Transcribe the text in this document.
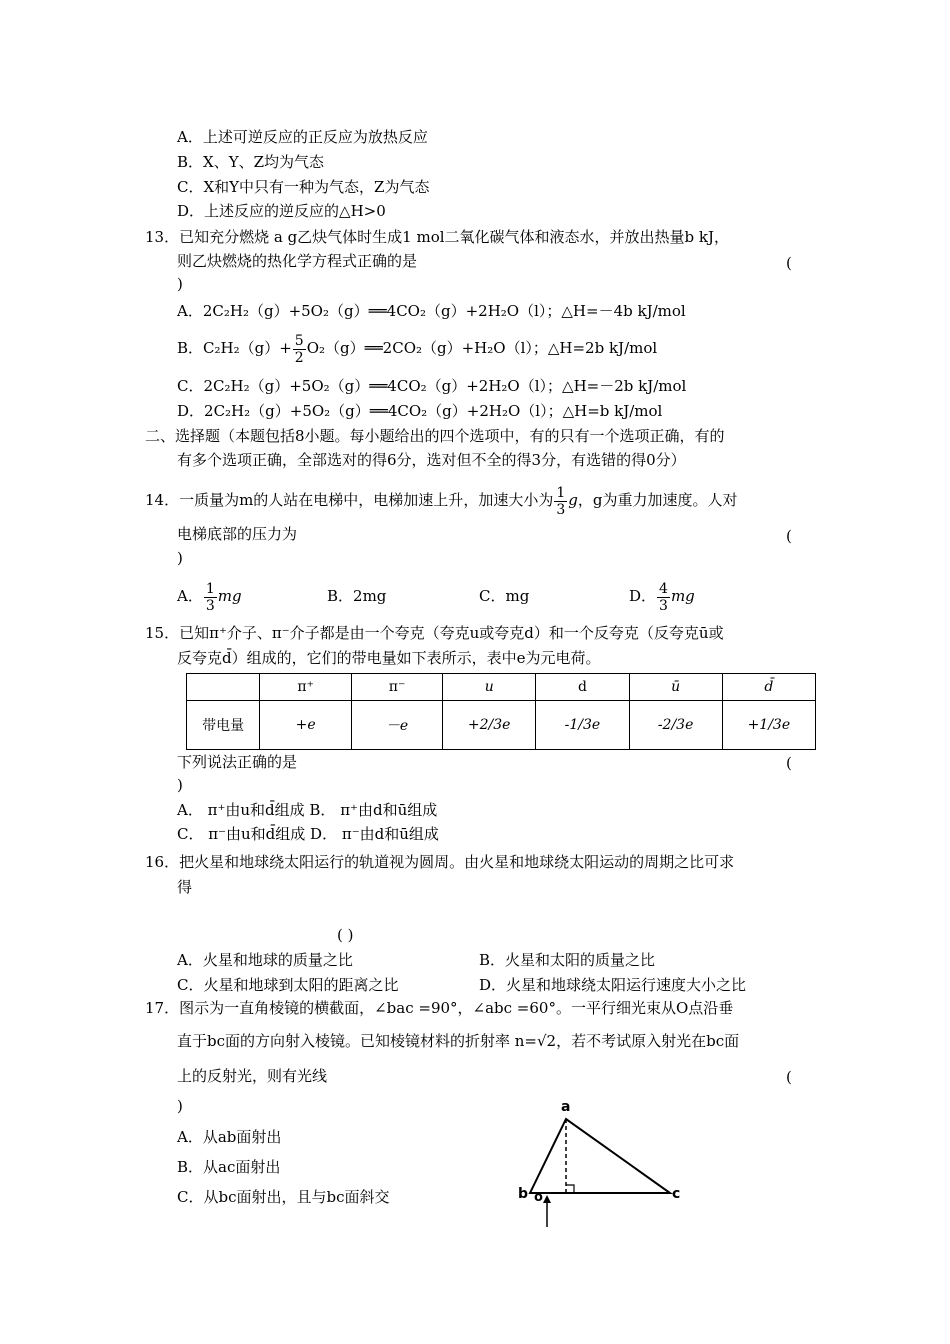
A．上述可逆反应的正反应为放热反应
B．X、Y、Z均为气态
C．X和Y中只有一种为气态，Z为气态
D．上述反应的逆反应的△H>0
13．已知充分燃烧 a g乙炔气体时生成1 mol二氧化碳气体和液态水，并放出热量b kJ，
则乙炔燃烧的热化学方程式正确的是	(
)
A．2C₂H₂（g）+5O₂（g）══4CO₂（g）+2H₂O（l）；△H=－4b kJ/mol
B．$C_2H_2(g)+ \frac{5}{2}$ O₂（g）══2CO₂（g）+H₂O（l）；△H=2b kJ/mol
C．2C₂H₂（g）+5O₂（g）══4CO₂（g）+2H₂O（l）；△H=－2b kJ/mol
D．2C₂H₂（g）+5O₂（g）══4CO₂（g）+2H₂O（l）；△H=b kJ/mol
二、选择题（本题包括8小题。每小题给出的四个选项中，有的只有一个选项正确，有的
有多个选项正确，全部选对的得6分，选对但不全的得3分，有选错的得0分）
14．一质量为m的人站在电梯中，电梯加速上升，加速大小为 $\frac{1}{3}$ g，g为重力加速度。人对
电梯底部的压力为	(
)
A． $\frac{1}{3}$ mg	B．2mg	C．mg	D． $\frac{4}{3}$ mg
15．已知π⁺介子、π⁻介子都是由一个夸克（夸克u或夸克d）和一个反夸克（反夸克ū或
反夸克d̄）组成的，它们的带电量如下表所示，表中e为元电荷。
	π⁺	π⁻	u	d	ū	d̄
带电量	+e	－e	+2/3e	-1/3e	-2/3e	+1/3e
下列说法正确的是	(
)
A． π⁺由u和d̄组成 B． π⁺由d和ū组成
C． π⁻由u和d̄组成 D． π⁻由d和ū组成
16．把火星和地球绕太阳运行的轨道视为圆周。由火星和地球绕太阳运动的周期之比可求
得
( )
A．火星和地球的质量之比	B．火星和太阳的质量之比
C．火星和地球到太阳的距离之比	D．火星和地球绕太阳运行速度大小之比
17．图示为一直角棱镜的横截面，∠bac =90°，∠abc =60°。一平行细光束从O点沿垂
直于bc面的方向射入棱镜。已知棱镜材料的折射率 n=√2，若不考试原入射光在bc面
上的反射光，则有光线	(
)
A．从ab面射出
B．从ac面射出
C．从bc面射出，且与bc面斜交
a
b o	c
